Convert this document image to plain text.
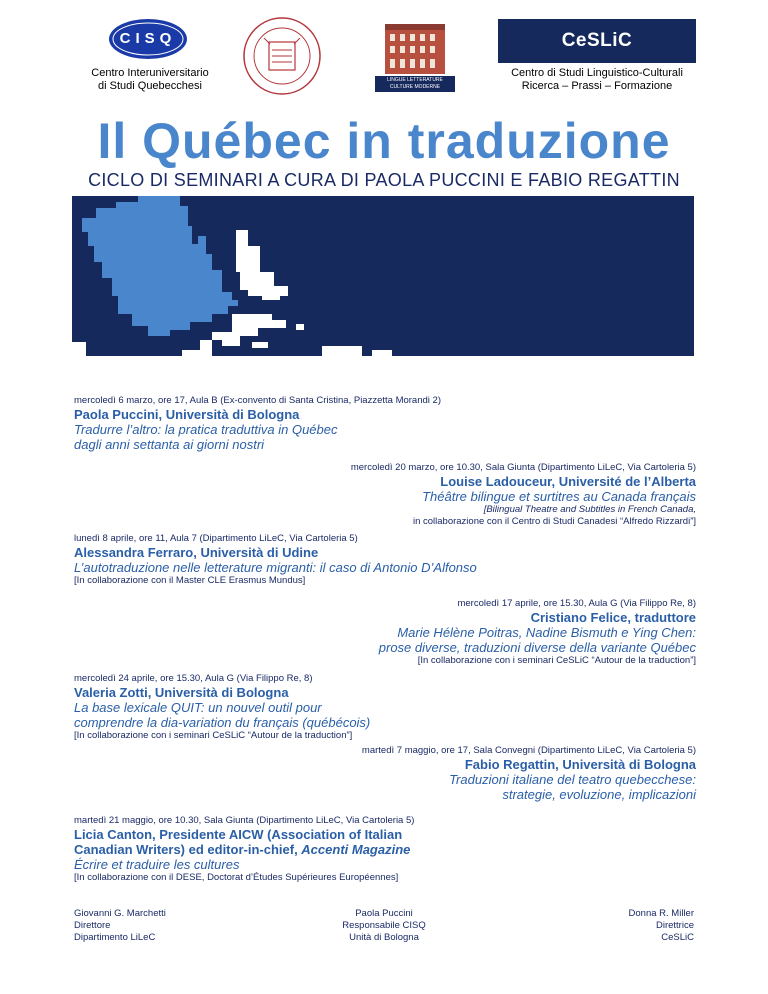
CISQ
Centro Interuniversitario
di Studi Quebecchesi	LINGUE LETTERATURE CULTURE MODERNE
CeSLiC
Centro di Studi Linguistico-Culturali
Ricerca – Prassi – Formazione
Il Québec in traduzione
CICLO DI SEMINARI A CURA DI PAOLA PUCCINI E FABIO REGATTIN
mercoledì 6 marzo, ore 17, Aula B (Ex-convento di Santa Cristina, Piazzetta Morandi 2)
Paola Puccini, Università di Bologna
Tradurre l’altro: la pratica traduttiva in Québec
dagli anni settanta ai giorni nostri
mercoledì 20 marzo, ore 10.30, Sala Giunta (Dipartimento LiLeC, Via Cartoleria 5)
Louise Ladouceur, Université de l’Alberta
Théâtre bilingue et surtitres au Canada français
[Bilingual Theatre and Subtitles in French Canada,
in collaborazione con il Centro di Studi Canadesi “Alfredo Rizzardi”]
lunedì 8 aprile, ore 11, Aula 7 (Dipartimento LiLeC, Via Cartoleria 5)
Alessandra Ferraro, Università di Udine
L’autotraduzione nelle letterature migranti: il caso di Antonio D’Alfonso
[In collaborazione con il Master CLE Erasmus Mundus]
mercoledì 17 aprile, ore 15.30, Aula G (Via Filippo Re, 8)
Cristiano Felice, traduttore
Marie Hélène Poitras, Nadine Bismuth e Ying Chen:
prose diverse, traduzioni diverse della variante Québec
[In collaborazione con i seminari CeSLiC “Autour de la traduction”]
mercoledì 24 aprile, ore 15.30, Aula G (Via Filippo Re, 8)
Valeria Zotti, Università di Bologna
La base lexicale QUIT: un nouvel outil pour
comprendre la dia-variation du français (québécois)
[In collaborazione con i seminari CeSLiC “Autour de la traduction”]
martedì 7 maggio, ore 17, Sala Convegni (Dipartimento LiLeC, Via Cartoleria 5)
Fabio Regattin, Università di Bologna
Traduzioni italiane del teatro quebecchese:
strategie, evoluzione, implicazioni
martedì 21 maggio, ore 10.30, Sala Giunta (Dipartimento LiLeC, Via Cartoleria 5)
Licia Canton, Presidente AICW (Association of Italian
Canadian Writers) ed editor-in-chief, Accenti Magazine
Écrire et traduire les cultures
[In collaborazione con il DESE, Doctorat d’Études Supérieures Européennes]
Giovanni G. Marchetti
Direttore
Dipartimento LiLeC
Paola Puccini
Responsabile CISQ
Unità di Bologna
Donna R. Miller
Direttrice
CeSLiC
